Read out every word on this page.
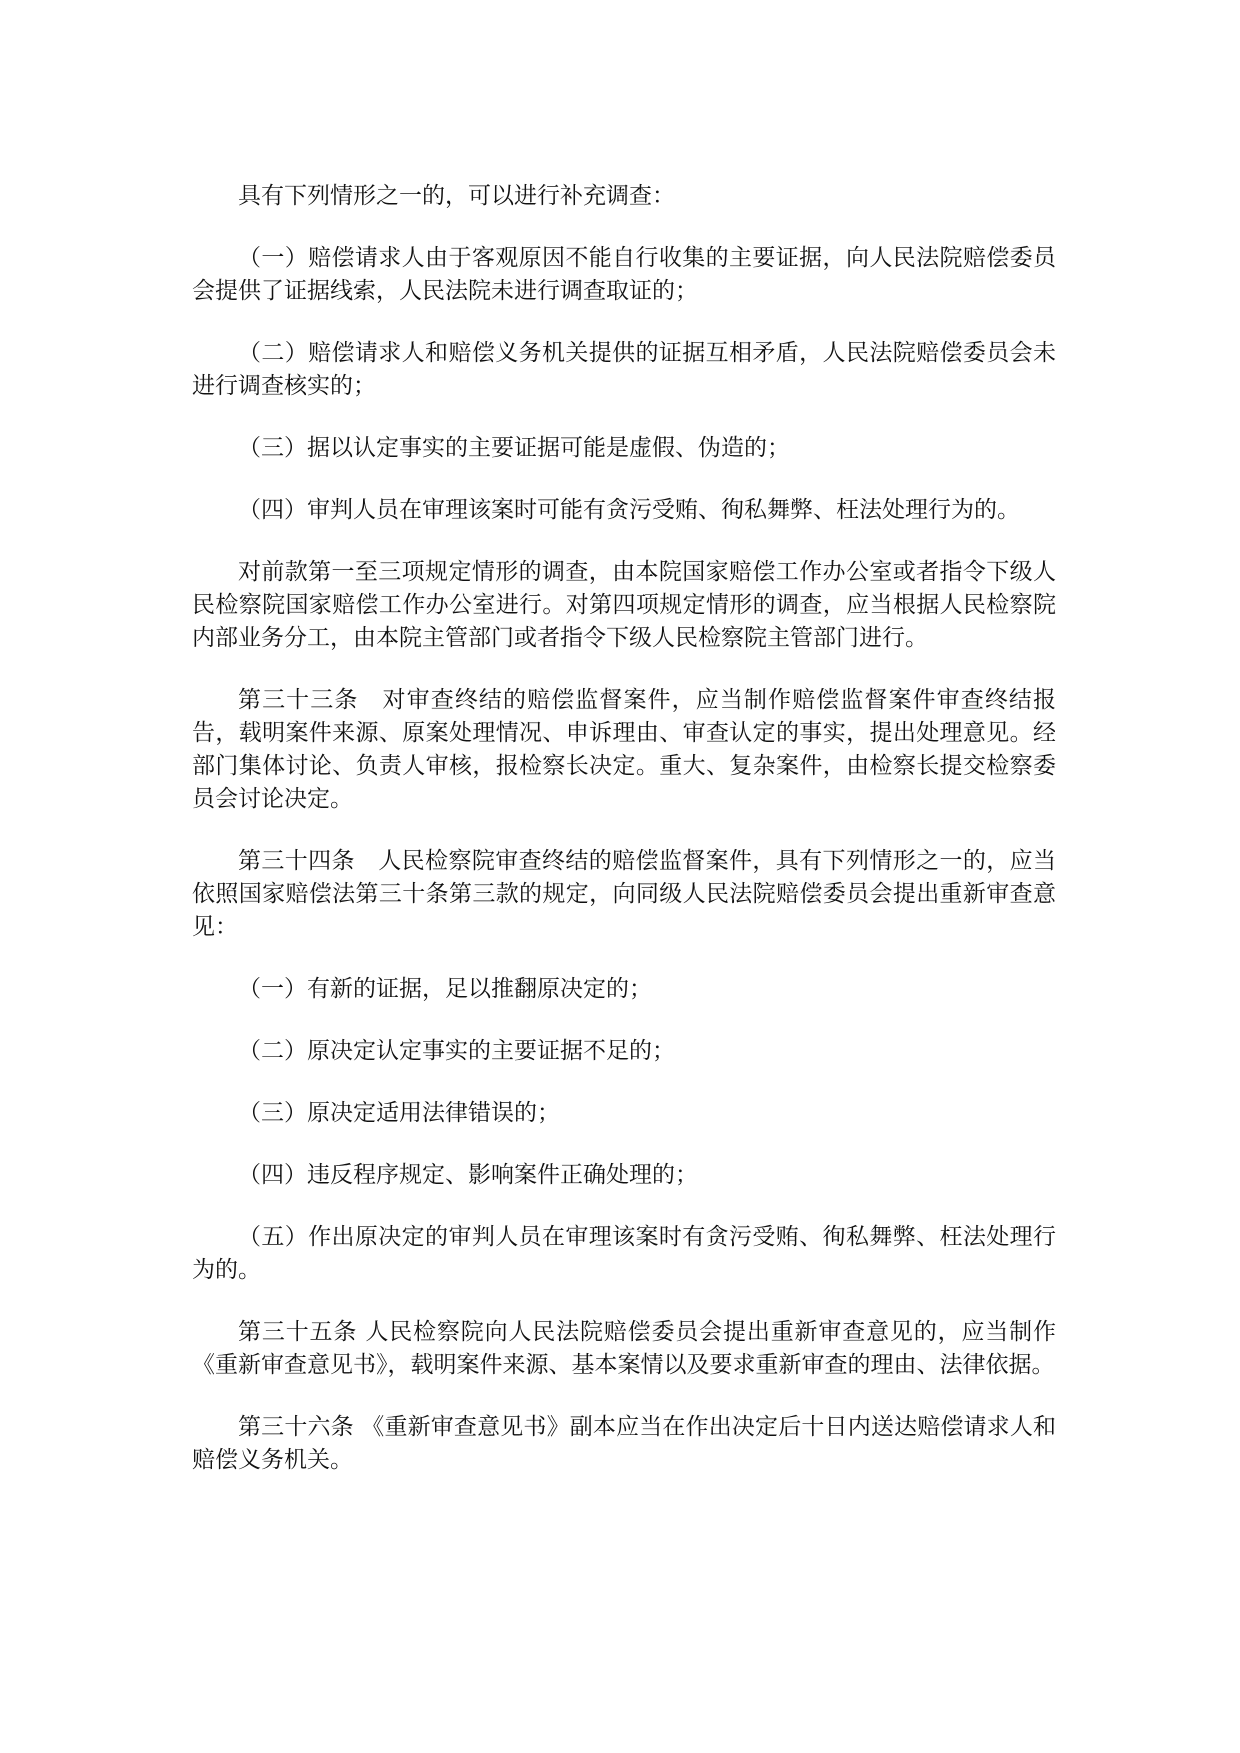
具有下列情形之一的，可以进行补充调查：

（一）赔偿请求人由于客观原因不能自行收集的主要证据，向人民法院赔偿委员会提供了证据线索，人民法院未进行调查取证的；

（二）赔偿请求人和赔偿义务机关提供的证据互相矛盾，人民法院赔偿委员会未进行调查核实的；

（三）据以认定事实的主要证据可能是虚假、伪造的；

（四）审判人员在审理该案时可能有贪污受贿、徇私舞弊、枉法处理行为的。

对前款第一至三项规定情形的调查，由本院国家赔偿工作办公室或者指令下级人民检察院国家赔偿工作办公室进行。对第四项规定情形的调查，应当根据人民检察院内部业务分工，由本院主管部门或者指令下级人民检察院主管部门进行。

第三十三条　对审查终结的赔偿监督案件，应当制作赔偿监督案件审查终结报告，载明案件来源、原案处理情况、申诉理由、审查认定的事实，提出处理意见。经部门集体讨论、负责人审核，报检察长决定。重大、复杂案件，由检察长提交检察委员会讨论决定。

第三十四条　人民检察院审查终结的赔偿监督案件，具有下列情形之一的，应当依照国家赔偿法第三十条第三款的规定，向同级人民法院赔偿委员会提出重新审查意见：

（一）有新的证据，足以推翻原决定的；

（二）原决定认定事实的主要证据不足的；

（三）原决定适用法律错误的；

（四）违反程序规定、影响案件正确处理的；

（五）作出原决定的审判人员在审理该案时有贪污受贿、徇私舞弊、枉法处理行为的。

第三十五条 人民检察院向人民法院赔偿委员会提出重新审查意见的，应当制作《重新审查意见书》，载明案件来源、基本案情以及要求重新审查的理由、法律依据。

第三十六条 《重新审查意见书》副本应当在作出决定后十日内送达赔偿请求人和赔偿义务机关。
